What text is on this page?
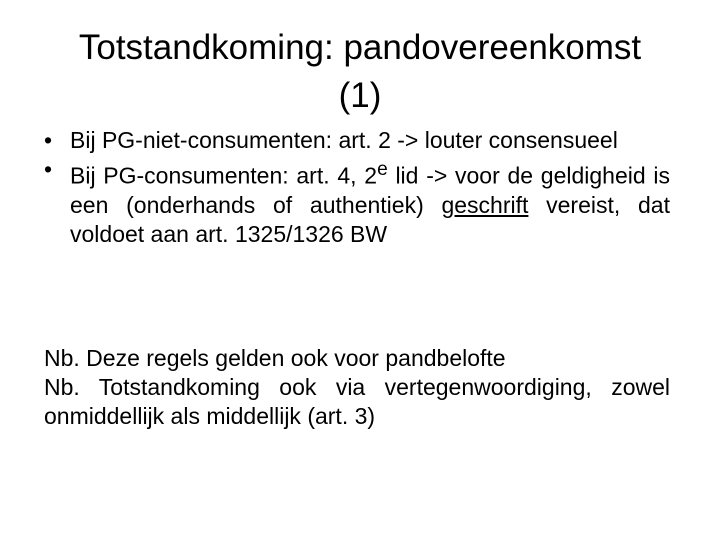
Totstandkoming: pandovereenkomst
(1)
• Bij PG-niet-consumenten: art. 2 -> louter consensueel
• Bij PG-consumenten: art. 4, 2e lid -> voor de geldigheid is een (onderhands of authentiek) geschrift vereist, dat voldoet aan art. 1325/1326 BW
Nb. Deze regels gelden ook voor pandbelofte
Nb. Totstandkoming ook via vertegenwoordiging, zowel onmiddellijk als middellijk (art. 3)
